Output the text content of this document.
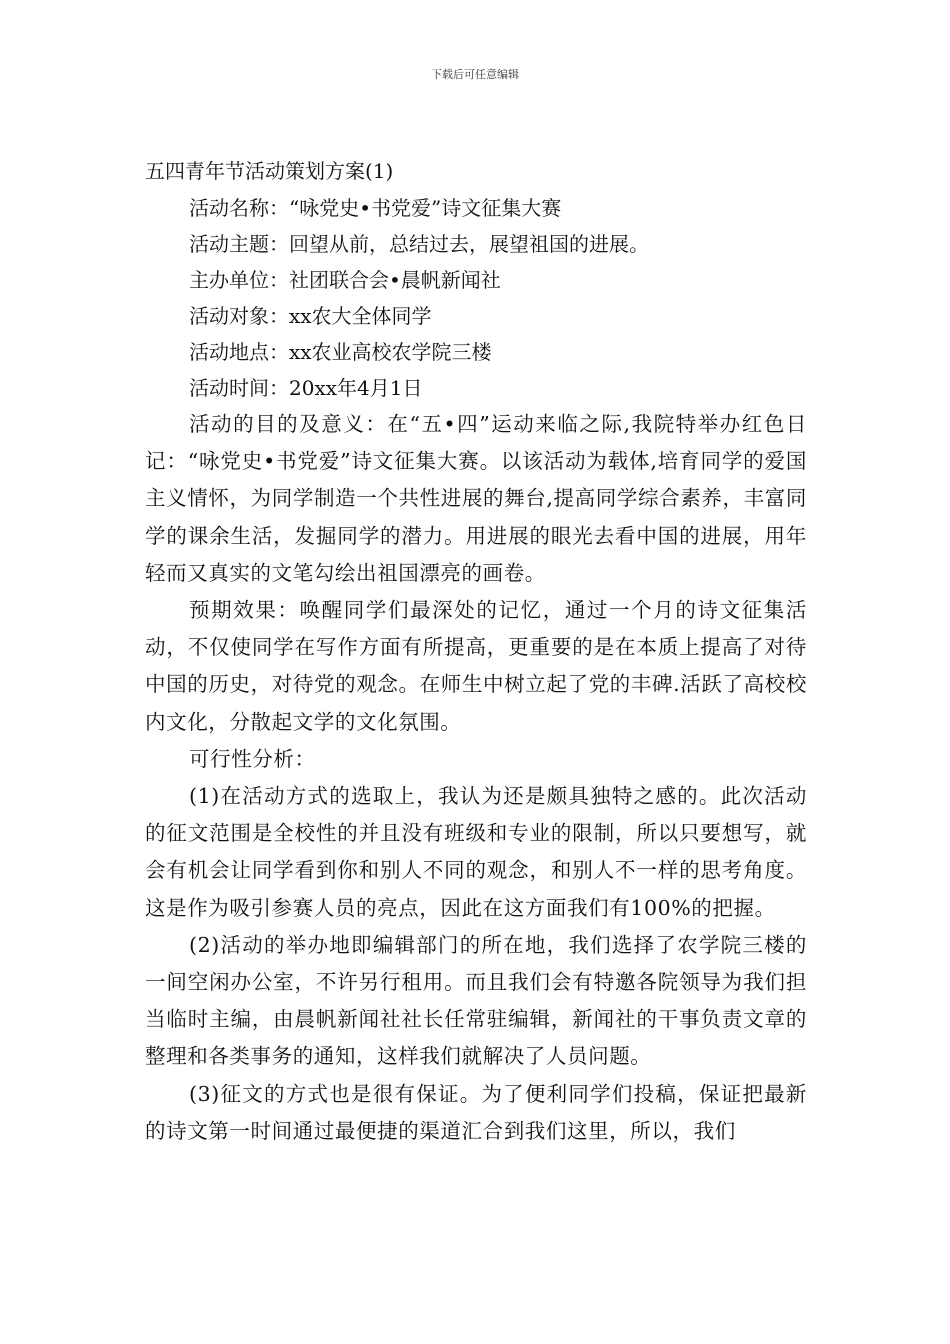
下载后可任意编辑
五四青年节活动策划方案(1)

活动名称：“咏党史•书党爱”诗文征集大赛

活动主题：回望从前，总结过去，展望祖国的进展。

主办单位：社团联合会•晨帆新闻社

活动对象：xx农大全体同学

活动地点：xx农业高校农学院三楼

活动时间：20xx年4月1日

活动的目的及意义：在“五•四”运动来临之际,我院特举办红色日记：“咏党史•书党爱”诗文征集大赛。以该活动为载体,培育同学的爱国主义情怀，为同学制造一个共性进展的舞台,提高同学综合素养，丰富同学的课余生活，发掘同学的潜力。用进展的眼光去看中国的进展，用年轻而又真实的文笔勾绘出祖国漂亮的画卷。

预期效果：唤醒同学们最深处的记忆，通过一个月的诗文征集活动，不仅使同学在写作方面有所提高，更重要的是在本质上提高了对待中国的历史，对待党的观念。在师生中树立起了党的丰碑.活跃了高校校内文化，分散起文学的文化氛围。

可行性分析：

(1)在活动方式的选取上，我认为还是颇具独特之感的。此次活动的征文范围是全校性的并且没有班级和专业的限制，所以只要想写，就会有机会让同学看到你和别人不同的观念，和别人不一样的思考角度。这是作为吸引参赛人员的亮点，因此在这方面我们有100%的把握。

(2)活动的举办地即编辑部门的所在地，我们选择了农学院三楼的一间空闲办公室，不许另行租用。而且我们会有特邀各院领导为我们担当临时主编，由晨帆新闻社社长任常驻编辑，新闻社的干事负责文章的整理和各类事务的通知，这样我们就解决了人员问题。

(3)征文的方式也是很有保证。为了便利同学们投稿，保证把最新的诗文第一时间通过最便捷的渠道汇合到我们这里，所以，我们
